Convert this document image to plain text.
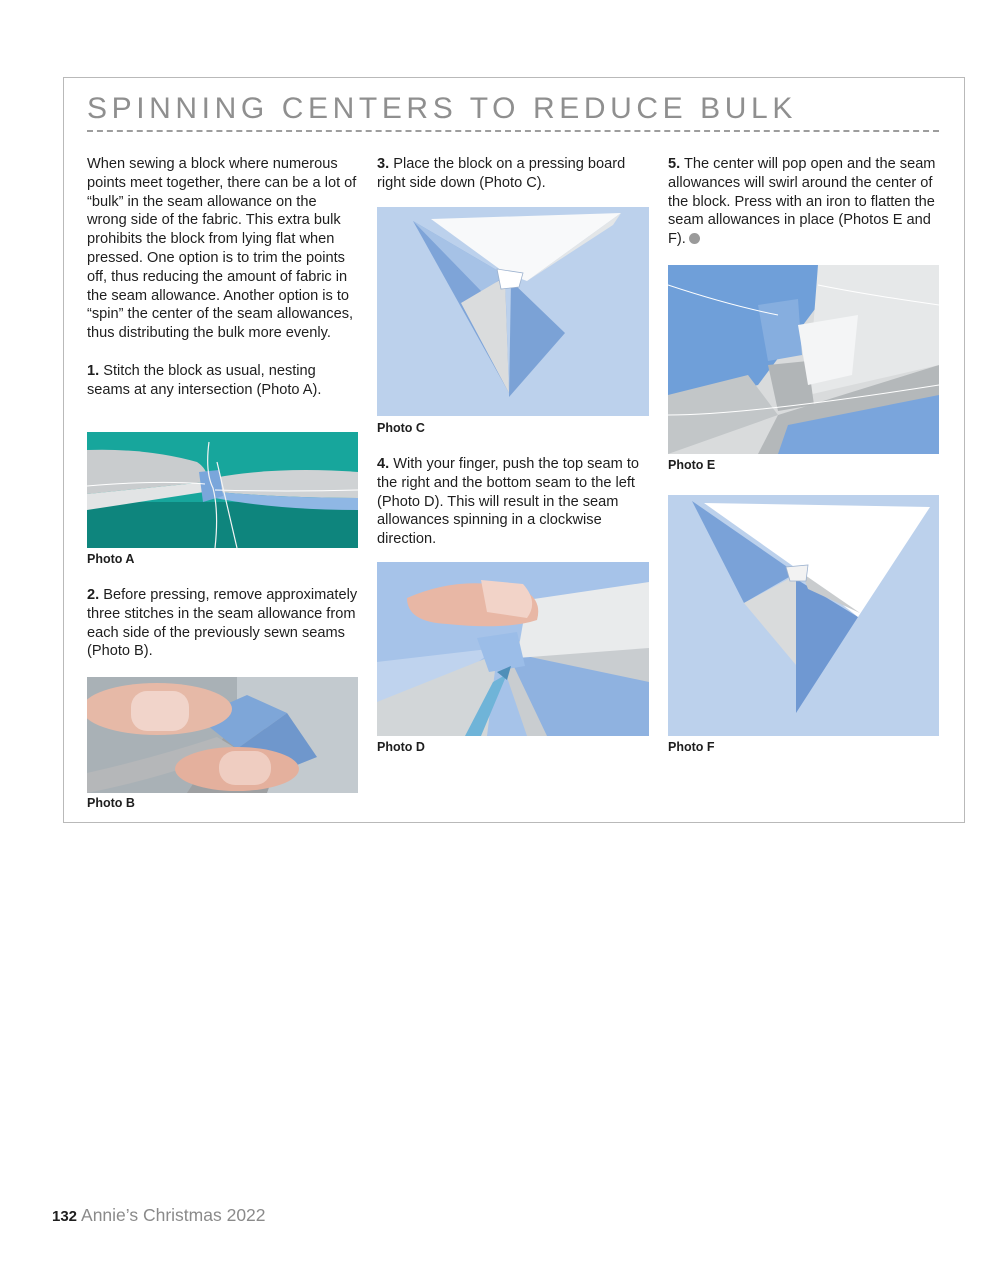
SPINNING CENTERS TO REDUCE BULK

When sewing a block where numerous points meet together, there can be a lot of “bulk” in the seam allowance on the wrong side of the fabric. This extra bulk prohibits the block from lying flat when pressed. One option is to trim the points off, thus reducing the amount of fabric in the seam allowance. Another option is to “spin” the center of the seam allowances, thus distributing the bulk more evenly.

1. Stitch the block as usual, nesting seams at any intersection (Photo A).

Photo A

2. Before pressing, remove approximately three stitches in the seam allowance from each side of the previously sewn seams (Photo B).

Photo B

3. Place the block on a pressing board right side down (Photo C).

Photo C

4. With your finger, push the top seam to the right and the bottom seam to the left (Photo D). This will result in the seam allowances spinning in a clockwise direction.

Photo D

5. The center will pop open and the seam allowances will swirl around the center of the block. Press with an iron to flatten the seam allowances in place (Photos E and F).

Photo E
Photo F
132 Annie’s Christmas 2022
